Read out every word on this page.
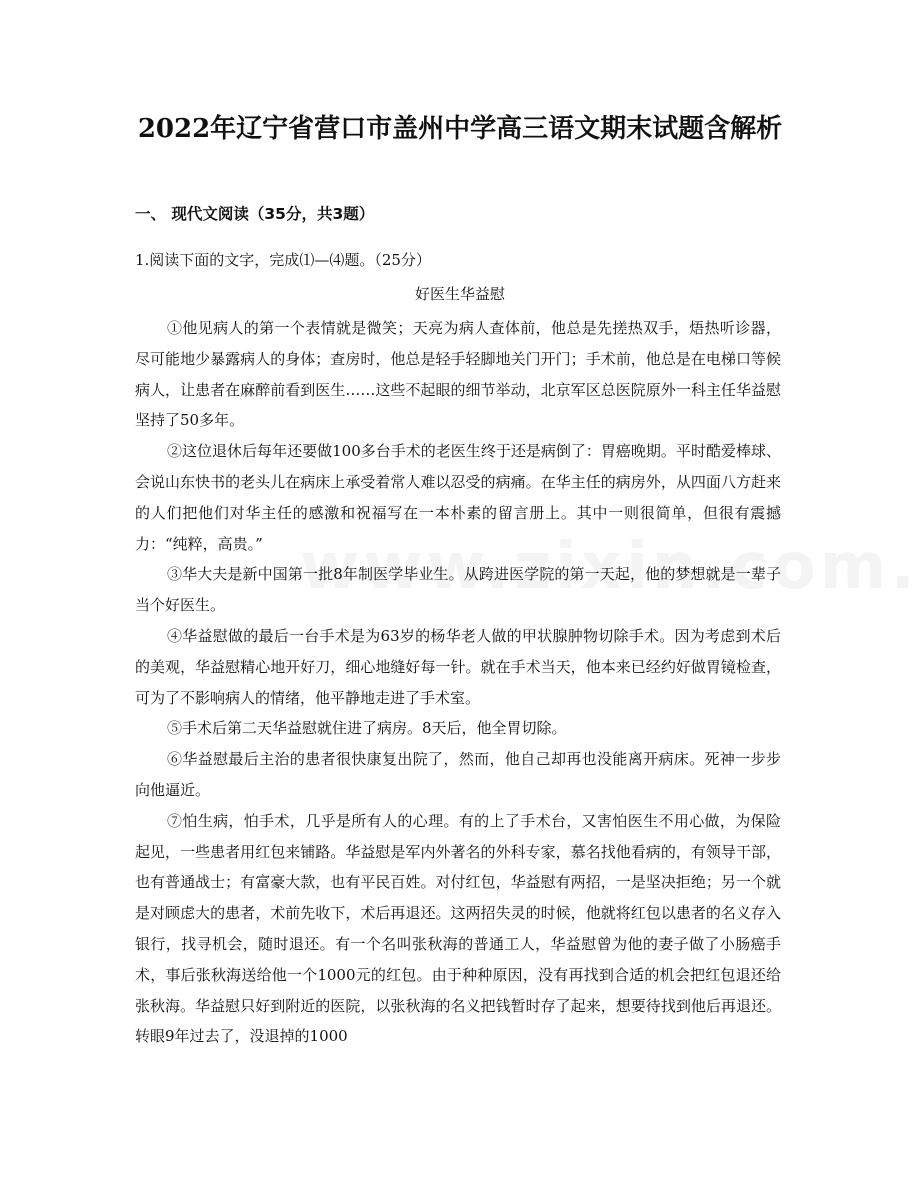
2022年辽宁省营口市盖州中学高三语文期末试题含解析
一、 现代文阅读（35分，共3题）

1.阅读下面的文字，完成⑴—⑷题。（25分）

好医生华益慰

①他见病人的第一个表情就是微笑；天亮为病人查体前，他总是先搓热双手，焐热听诊器，尽可能地少暴露病人的身体；查房时，他总是轻手轻脚地关门开门；手术前，他总是在电梯口等候病人，让患者在麻醉前看到医生……这些不起眼的细节举动，北京军区总医院原外一科主任华益慰坚持了50多年。

②这位退休后每年还要做100多台手术的老医生终于还是病倒了：胃癌晚期。平时酷爱棒球、会说山东快书的老头儿在病床上承受着常人难以忍受的病痛。在华主任的病房外，从四面八方赶来的人们把他们对华主任的感激和祝福写在一本朴素的留言册上。其中一则很简单，但很有震撼力：“纯粹，高贵。”

③华大夫是新中国第一批8年制医学毕业生。从跨进医学院的第一天起，他的梦想就是一辈子当个好医生。

④华益慰做的最后一台手术是为63岁的杨华老人做的甲状腺肿物切除手术。因为考虑到术后的美观，华益慰精心地开好刀，细心地缝好每一针。就在手术当天，他本来已经约好做胃镜检查，可为了不影响病人的情绪，他平静地走进了手术室。

⑤手术后第二天华益慰就住进了病房。8天后，他全胃切除。

⑥华益慰最后主治的患者很快康复出院了，然而，他自己却再也没能离开病床。死神一步步向他逼近。

⑦怕生病，怕手术，几乎是所有人的心理。有的上了手术台，又害怕医生不用心做，为保险起见，一些患者用红包来铺路。华益慰是军内外著名的外科专家，慕名找他看病的，有领导干部，也有普通战士；有富豪大款，也有平民百姓。对付红包，华益慰有两招，一是坚决拒绝；另一个就是对顾虑大的患者，术前先收下，术后再退还。这两招失灵的时候，他就将红包以患者的名义存入银行，找寻机会，随时退还。有一个名叫张秋海的普通工人，华益慰曾为他的妻子做了小肠癌手术，事后张秋海送给他一个1000元的红包。由于种种原因，没有再找到合适的机会把红包退还给张秋海。华益慰只好到附近的医院，以张秋海的名义把钱暂时存了起来，想要待找到他后再退还。转眼9年过去了，没退掉的1000
